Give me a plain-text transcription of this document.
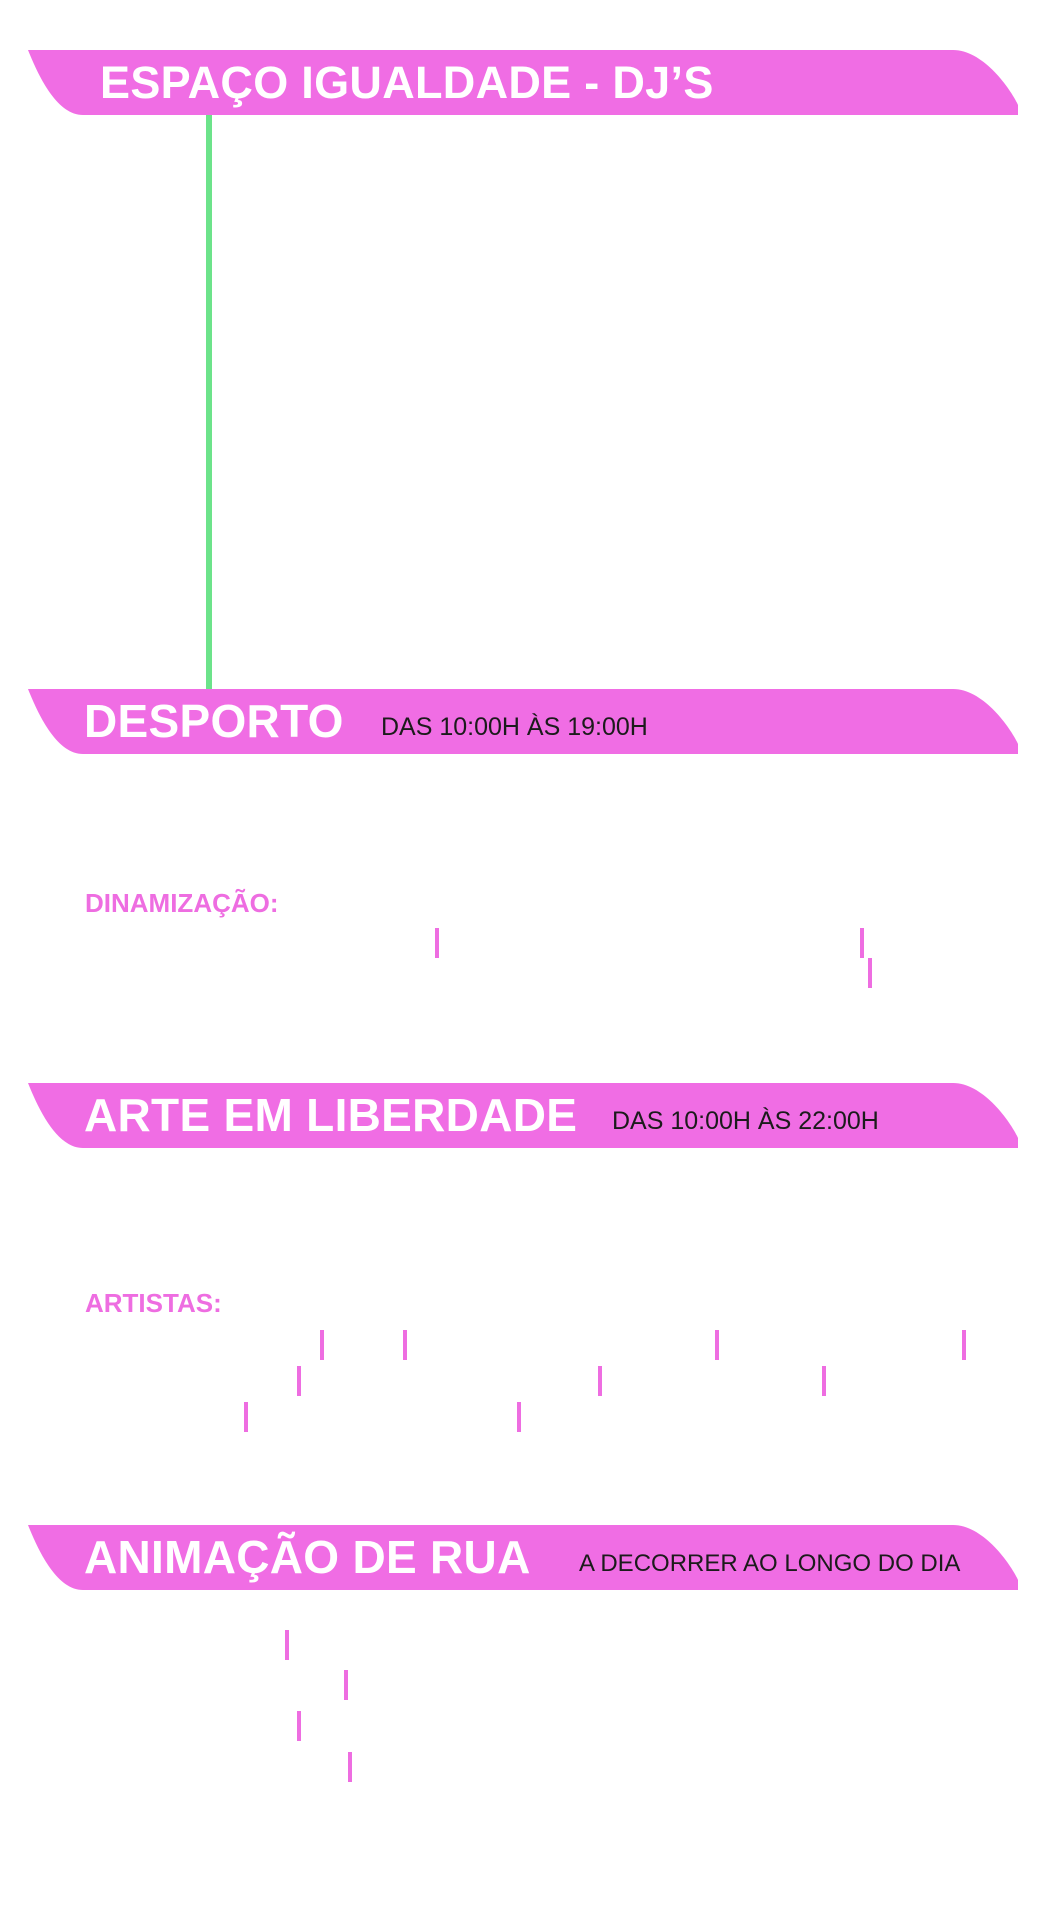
ESPAÇO IGUALDADE - DJ’S
DESPORTO DAS 10:00H ÀS 19:00H
DINAMIZAÇÃO:
ARTE EM LIBERDADE DAS 10:00H ÀS 22:00H
ARTISTAS:
ANIMAÇÃO DE RUA A DECORRER AO LONGO DO DIA
